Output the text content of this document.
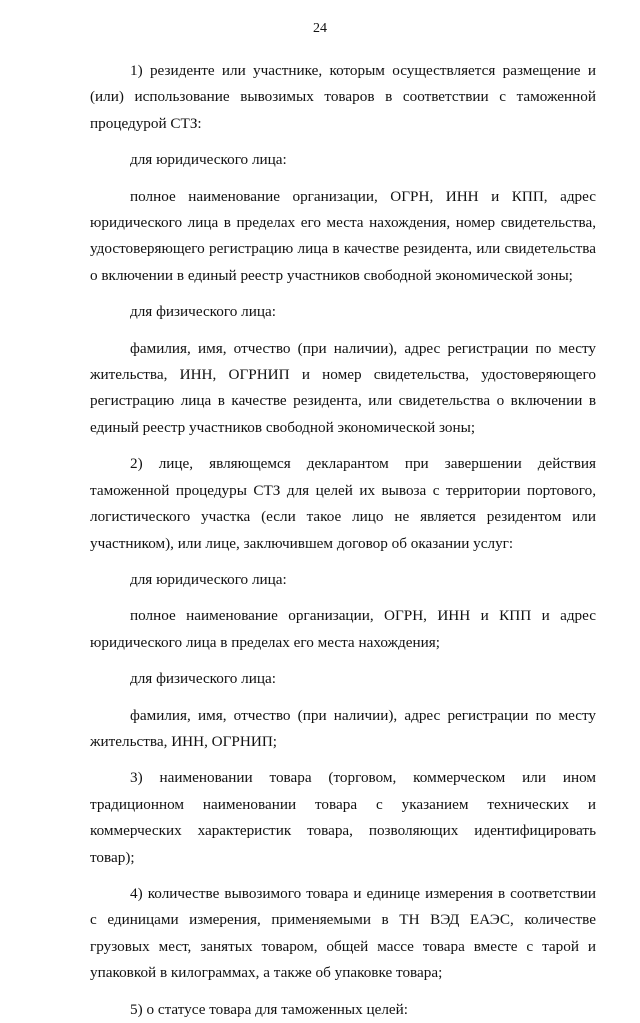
24

1) резиденте или участнике, которым осуществляется размещение и (или) использование вывозимых товаров в соответствии с таможенной процедурой СТЗ:

для юридического лица:

полное наименование организации, ОГРН, ИНН и КПП, адрес юридического лица в пределах его места нахождения, номер свидетельства, удостоверяющего регистрацию лица в качестве резидента, или свидетельства о включении в единый реестр участников свободной экономической зоны;

для физического лица:

фамилия, имя, отчество (при наличии), адрес регистрации по месту жительства, ИНН, ОГРНИП и номер свидетельства, удостоверяющего регистрацию лица в качестве резидента, или свидетельства о включении в единый реестр участников свободной экономической зоны;

2) лице, являющемся декларантом при завершении действия таможенной процедуры СТЗ для целей их вывоза с территории портового, логистического участка (если такое лицо не является резидентом или участником), или лице, заключившем договор об оказании услуг:

для юридического лица:

полное наименование организации, ОГРН, ИНН и КПП и адрес юридического лица в пределах его места нахождения;

для физического лица:

фамилия, имя, отчество (при наличии), адрес регистрации по месту жительства, ИНН, ОГРНИП;

3) наименовании товара (торговом, коммерческом или ином традиционном наименовании товара с указанием технических и коммерческих характеристик товара, позволяющих идентифицировать товар);

4) количестве вывозимого товара и единице измерения в соответствии с единицами измерения, применяемыми в ТН ВЭД ЕАЭС, количестве грузовых мест, занятых товаром, общей массе товара вместе с тарой и упаковкой в килограммах, а также об упаковке товара;

5) о статусе товара для таможенных целей:
